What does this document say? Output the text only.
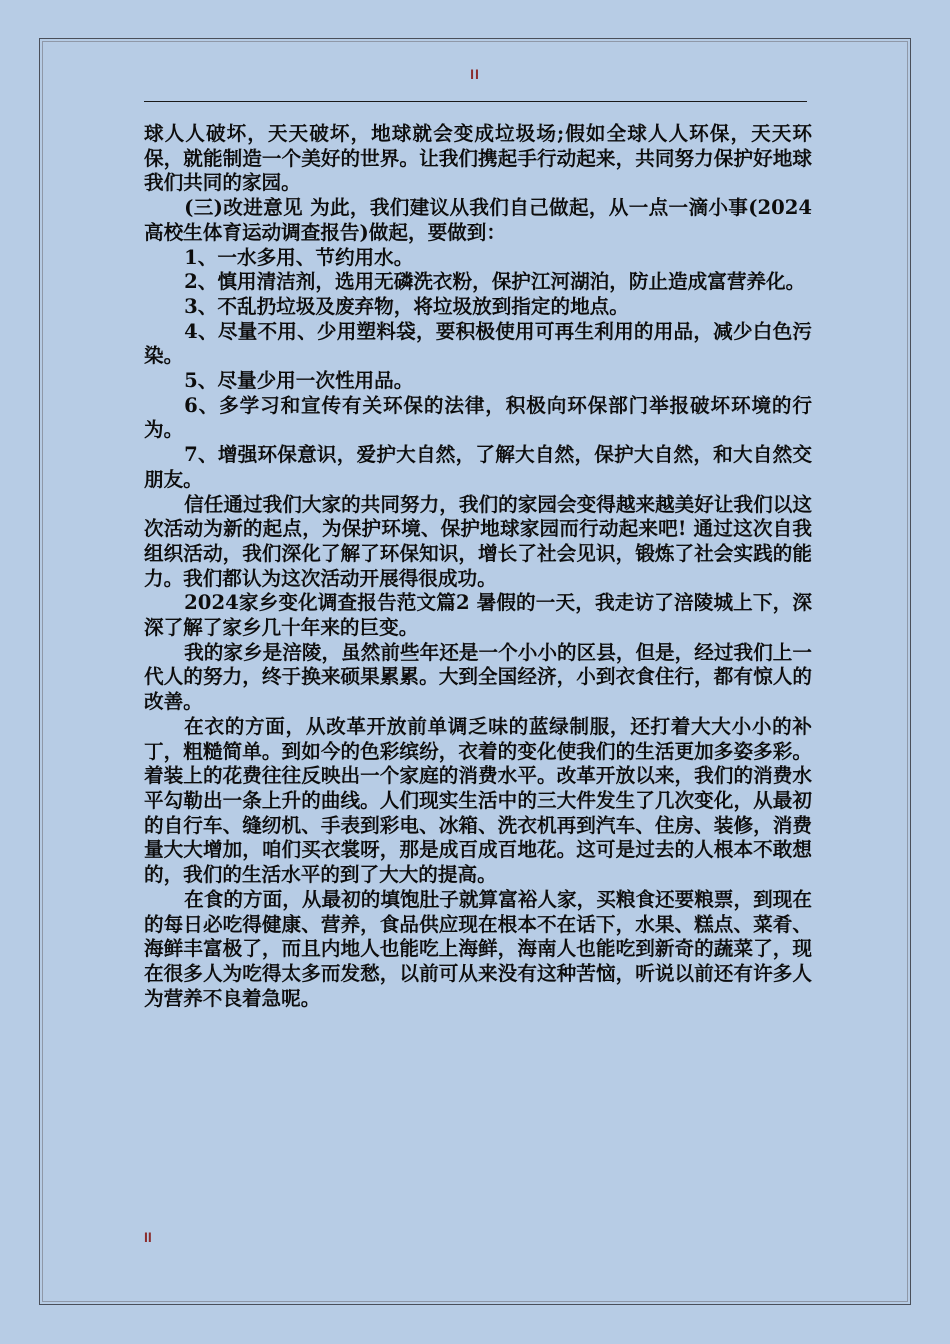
II

球人人破坏，天天破坏，地球就会变成垃圾场;假如全球人人环保，天天环保，就能制造一个美好的世界。让我们携起手行动起来，共同努力保护好地球 我们共同的家园。

(三)改进意见 为此，我们建议从我们自己做起，从一点一滴小事(2024高校生体育运动调查报告)做起，要做到：

1、一水多用、节约用水。

2、慎用清洁剂，选用无磷洗衣粉，保护江河湖泊，防止造成富营养化。

3、不乱扔垃圾及废弃物，将垃圾放到指定的地点。

4、尽量不用、少用塑料袋，要积极使用可再生利用的用品，减少白色污染。

5、尽量少用一次性用品。

6、多学习和宣传有关环保的法律，积极向环保部门举报破坏环境的行为。

7、增强环保意识，爱护大自然，了解大自然，保护大自然，和大自然交朋友。

信任通过我们大家的共同努力，我们的家园会变得越来越美好让我们以这次活动为新的起点，为保护环境、保护地球家园而行动起来吧! 通过这次自我组织活动，我们深化了解了环保知识，增长了社会见识，锻炼了社会实践的能力。我们都认为这次活动开展得很成功。

2024家乡变化调查报告范文篇2 暑假的一天，我走访了涪陵城上下，深深了解了家乡几十年来的巨变。

我的家乡是涪陵，虽然前些年还是一个小小的区县，但是，经过我们上一代人的努力，终于换来硕果累累。大到全国经济，小到衣食住行，都有惊人的改善。

在衣的方面，从改革开放前单调乏味的蓝绿制服，还打着大大小小的补丁，粗糙简单。到如今的色彩缤纷，衣着的变化使我们的生活更加多姿多彩。着装上的花费往往反映出一个家庭的消费水平。改革开放以来，我们的消费水平勾勒出一条上升的曲线。人们现实生活中的三大件发生了几次变化，从最初的自行车、缝纫机、手表到彩电、冰箱、洗衣机再到汽车、住房、装修，消费量大大增加，咱们买衣裳呀，那是成百成百地花。这可是过去的人根本不敢想的，我们的生活水平的到了大大的提高。

在食的方面，从最初的填饱肚子就算富裕人家，买粮食还要粮票，到现在的每日必吃得健康、营养，食品供应现在根本不在话下，水果、糕点、菜肴、海鲜丰富极了，而且内地人也能吃上海鲜，海南人也能吃到新奇的蔬菜了，现在很多人为吃得太多而发愁，以前可从来没有这种苦恼，听说以前还有许多人为营养不良着急呢。

II
